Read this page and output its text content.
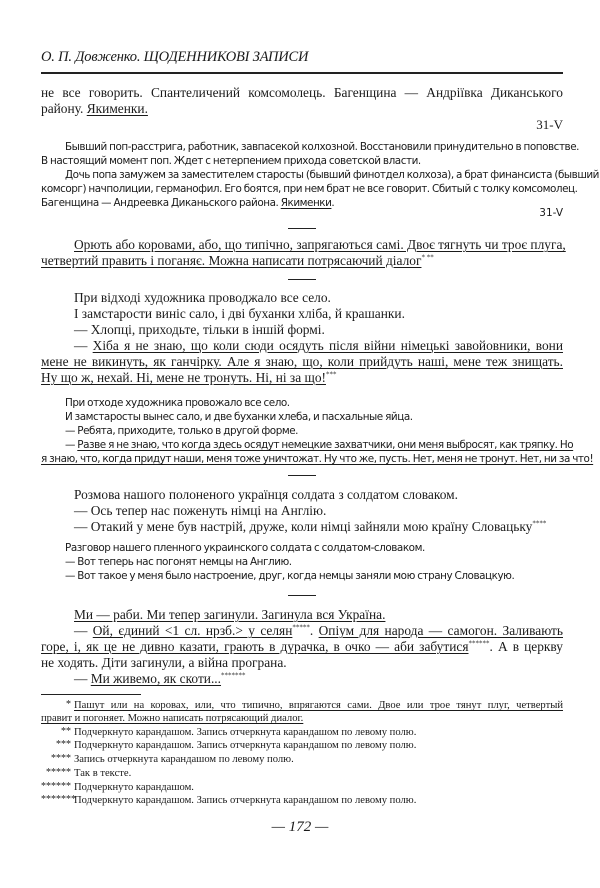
О. П. Довженко. ЩОДЕННИКОВІ ЗАПИСИ
не все говорить. Спантеличений комсомолець. Багенщина — Андріївка Диканського
району. Якименки.
31-V
Бывший поп-расстрига, работник, завпасекой колхозной. Восстановили принудительно в поповстве.
В настоящий момент поп. Ждет с нетерпением прихода советской власти.
Дочь попа замужем за заместителем старосты (бывший финотдел колхоза), а брат финансиста (бывший
комсорг) начполиции, германофил. Его боятся, при нем брат не все говорит. Сбитый с толку комсомолец.
Багенщина — Андреевка Диканьского района. Якименки.
31-V
Орють або коровами, або, що типічно, запрягаються самі. Двоє тягнуть чи троє плуга,
четвертий править і поганяє. Можна написати потрясаючий діалог* **
При відході художника проводжало все село.
І замстарости виніс сало, і дві буханки хліба, й крашанки.
— Хлопці, приходьте, тільки в іншій формі.
— Хіба я не знаю, що коли сюди осядуть після війни німецькі завойовники, вони
мене не викинуть, як ганчірку. Але я знаю, що, коли прийдуть наші, мене теж знищать.
Ну що ж, нехай. Ні, мене не тронуть. Ні, ні за що!***
При отходе художника провожало все село.
И замстаросты вынес сало, и две буханки хлеба, и пасхальные яйца.
— Ребята, приходите, только в другой форме.
— Разве я не знаю, что когда здесь осядут немецкие захватчики, они меня выбросят, как тряпку. Но
я знаю, что, когда придут наши, меня тоже уничтожат. Ну что же, пусть. Нет, меня не тронут. Нет, ни за что!
Розмова нашого полоненого українця солдата з солдатом словаком.
— Ось тепер нас поженуть німці на Англію.
— Отакий у мене був настрій, друже, коли німці зайняли мою країну Словацьку****
Разговор нашего пленного украинского солдата с солдатом-словаком.
— Вот теперь нас погонят немцы на Англию.
— Вот такое у меня было настроение, друг, когда немцы заняли мою страну Словацкую.
Ми — раби. Ми тепер загинули. Загинула вся Україна.
— Ой, єдиний <1 сл. нрзб.> у селян*****. Опіум для народа — самогон. Заливають
горе, і, як це не дивно казати, грають в дурачка, в очко — аби забутися******. А в церкву
не ходять. Діти загинули, а війна програна.
— Ми живемо, як скоти...*******
* Пашут или на коровах, или, что типично, впрягаются сами. Двое или трое тянут плуг, четвертый
правит и погоняет. Можно написать потрясающий диалог.
** Подчеркнуто карандашом. Запись отчеркнута карандашом по левому полю.
*** Подчеркнуто карандашом. Запись отчеркнута карандашом по левому полю.
**** Запись отчеркнута карандашом по левому полю.
***** Так в тексте.
****** Подчеркнуто карандашом.
*******
Подчеркнуто карандашом. Запись отчеркнута карандашом по левому полю.
— 172 —
